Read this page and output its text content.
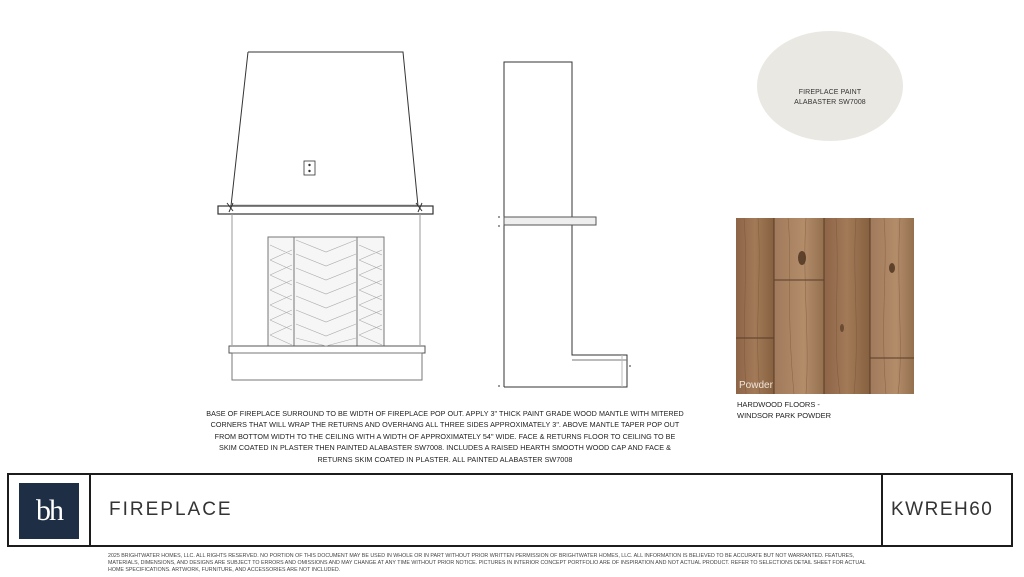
FIREPLACE PAINT
ALABASTER SW7008
Powder
HARDWOOD FLOORS -
WINDSOR PARK POWDER
BASE OF FIREPLACE SURROUND TO BE WIDTH OF FIREPLACE POP OUT. APPLY 3" THICK PAINT GRADE WOOD MANTLE WITH MITERED
CORNERS THAT WILL WRAP THE RETURNS AND OVERHANG ALL THREE SIDES APPROXIMATELY 3". ABOVE MANTLE TAPER POP OUT
FROM BOTTOM WIDTH TO THE CEILING WITH A WIDTH OF APPROXIMATELY 54" WIDE. FACE & RETURNS FLOOR TO CEILING TO BE
SKIM COATED IN PLASTER THEN PAINTED ALABASTER SW7008. INCLUDES A RAISED HEARTH SMOOTH WOOD CAP AND FACE &
RETURNS SKIM COATED IN PLASTER. ALL PAINTED ALABASTER SW7008
bh FIREPLACE	KWREH60
2025 BRIGHTWATER HOMES, LLC. ALL RIGHTS RESERVED. NO PORTION OF THIS DOCUMENT MAY BE USED IN WHOLE OR IN PART WITHOUT PRIOR WRITTEN PERMISSION OF BRIGHTWATER HOMES, LLC. ALL INFORMATION IS BELIEVED TO BE ACCURATE BUT NOT WARRANTED. FEATURES,
MATERIALS, DIMENSIONS, AND DESIGNS ARE SUBJECT TO ERRORS AND OMISSIONS AND MAY CHANGE AT ANY TIME WITHOUT PRIOR NOTICE. PICTURES IN INTERIOR CONCEPT PORTFOLIO ARE OF INSPIRATION AND NOT ACTUAL PRODUCT. REFER TO SELECTIONS DETAIL SHEET FOR ACTUAL
HOME SPECIFICATIONS. ARTWORK, FURNITURE, AND ACCESSORIES ARE NOT INCLUDED.
